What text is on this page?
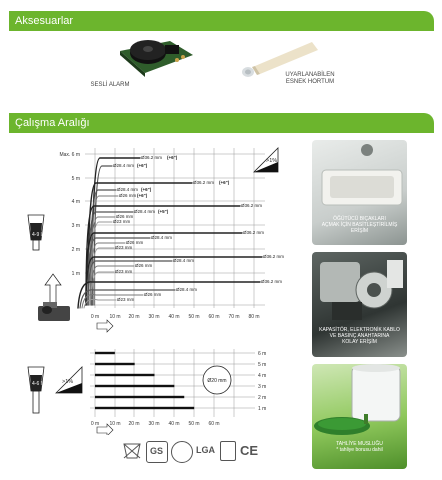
Aksesuarlar
SESLİ ALARM
UYARLANABİLEN
ESNEK HORTUM
Çalışma Aralığı
Max. 6 m
5 m
4 m
3 m
2 m
1 m
0 m 10 m 20 m 30 m 40 m 50 m 60 m 70 m 80 m
Ø36.2 mm (+6")
Ø28.4 mm (+6")
Ø36.2 mm (+6")
Ø28.4 mm (+6")
Ø26 mm (+6")
Ø36.2 mm
Ø28.4 mm (+5")
Ø26 mm
Ø23 mm
Ø36.2 mm
Ø28.4 mm
Ø26 mm
Ø23 mm
Ø36.2 mm
Ø28.4 mm
Ø26 mm
Ø23 mm
Ø36.2 mm
Ø28.4 mm
Ø26 mm
Ø23 mm
>1%
4-9 l
6 m
5 m
4 m
3 m
2 m
1 m
0 m 10 m 20 m 30 m 40 m 50 m 60 m
Ø20 mm
>1%
4-6 l
ÖĞÜTÜCÜ BIÇAKLARI
AÇMAK İÇİN BASİTLEŞTİRİLMİŞ
ERİŞİM
KAPASİTÖR, ELEKTRONİK KABLO
VE BASINÇ ANAHTARINA
KOLAY ERİŞİM
TAHLİYE MUSLUĞU
* tahliye borusu dahil
GS	LGA CE
